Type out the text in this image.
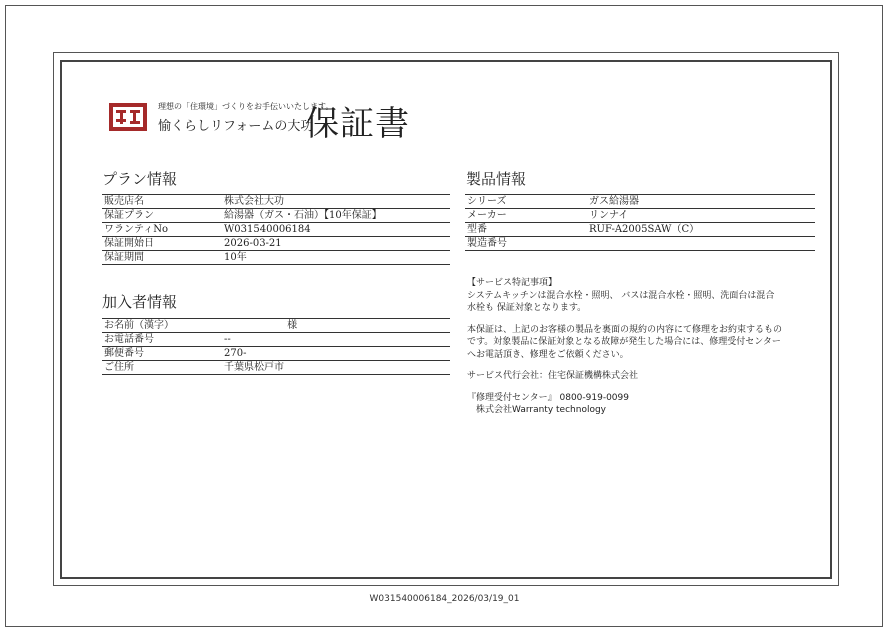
理想の「住環境」づくりをお手伝いいたします。
愉くらしリフォームの大功
保証書
プラン情報
販売店名	株式会社大功
保証プラン	給湯器（ガス・石油）【10年保証】
ワランティNo	W031540006184
保証開始日	2026-03-21
保証期間	10年
加入者情報
お名前（漢字）	　　　　　　 様
お電話番号	--
郵便番号	270-
ご住所	千葉県松戸市
製品情報
シリーズ	ガス給湯器
メーカー	リンナイ
型番	RUF-A2005SAW（C）
製造番号	

【サービス特記事項】

システムキッチンは混合水栓・照明、 バスは混合水栓・照明、洗面台は混合

水栓も 保証対象となります。

本保証は、上記のお客様の製品を裏面の規約の内容にて修理をお約束するもの

です。対象製品に保証対象となる故障が発生した場合には、修理受付センター

へお電話頂き、修理をご依頼ください。

サービス代行会社：住宅保証機構株式会社

『修理受付センター』 0800-919-0099

　株式会社Warranty technology

W031540006184_2026/03/19_01
